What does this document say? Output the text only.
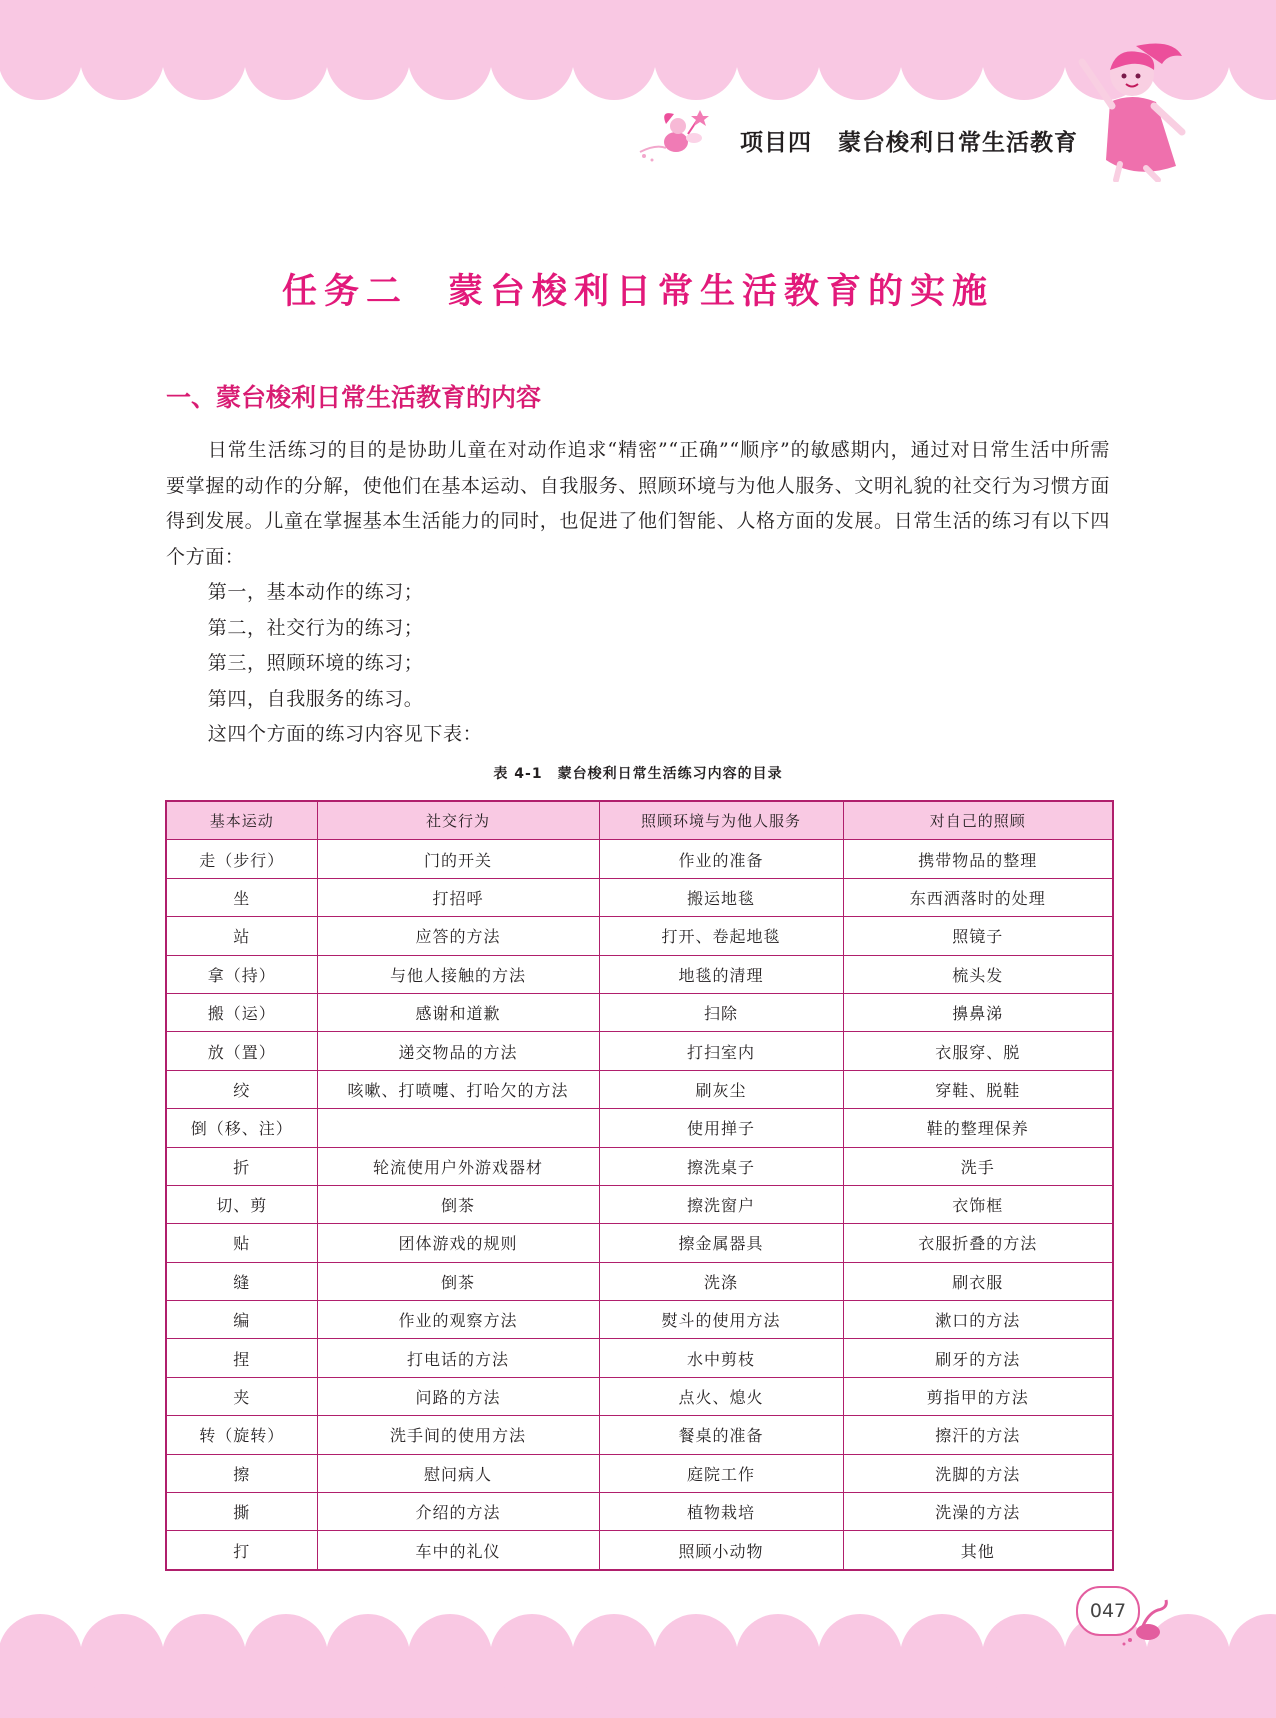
项目四 蒙台梭利日常生活教育
任务二 蒙台梭利日常生活教育的实施
一、蒙台梭利日常生活教育的内容

日常生活练习的目的是协助儿童在对动作追求“精密”“正确”“顺序”的敏感期内，通过对日常生活中所需要掌握的动作的分解，使他们在基本运动、自我服务、照顾环境与为他人服务、文明礼貌的社交行为习惯方面得到发展。儿童在掌握基本生活能力的同时，也促进了他们智能、人格方面的发展。日常生活的练习有以下四个方面：

第一，基本动作的练习；
第二，社交行为的练习；
第三，照顾环境的练习；
第四，自我服务的练习。
这四个方面的练习内容见下表：
表 4-1　蒙台梭利日常生活练习内容的目录
基本运动	社交行为	照顾环境与为他人服务	对自己的照顾
走（步行）	门的开关	作业的准备	携带物品的整理
坐	打招呼	搬运地毯	东西洒落时的处理
站	应答的方法	打开、卷起地毯	照镜子
拿（持）	与他人接触的方法	地毯的清理	梳头发
搬（运）	感谢和道歉	扫除	擤鼻涕
放（置）	递交物品的方法	打扫室内	衣服穿、脱
绞	咳嗽、打喷嚏、打哈欠的方法	刷灰尘	穿鞋、脱鞋
倒（移、注）		使用掸子	鞋的整理保养
折	轮流使用户外游戏器材	擦洗桌子	洗手
切、剪	倒茶	擦洗窗户	衣饰框
贴	团体游戏的规则	擦金属器具	衣服折叠的方法
缝	倒茶	洗涤	刷衣服
编	作业的观察方法	熨斗的使用方法	漱口的方法
捏	打电话的方法	水中剪枝	刷牙的方法
夹	问路的方法	点火、熄火	剪指甲的方法
转（旋转）	洗手间的使用方法	餐桌的准备	擦汗的方法
擦	慰问病人	庭院工作	洗脚的方法
撕	介绍的方法	植物栽培	洗澡的方法
打	车中的礼仪	照顾小动物	其他
047
